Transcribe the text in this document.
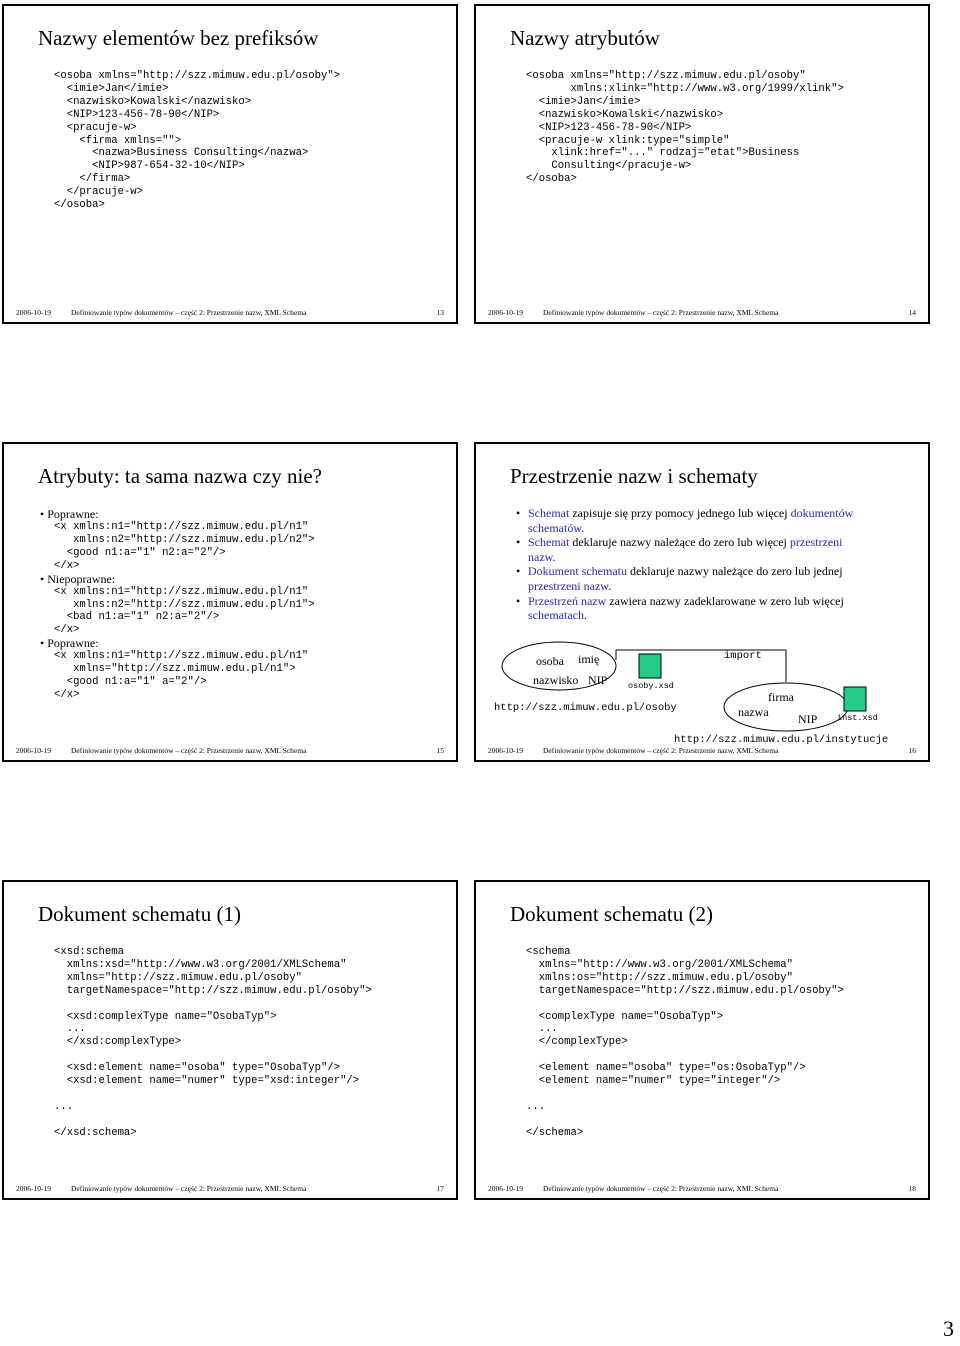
Nazwy elementów bez prefiksów
<osoba xmlns="http://szz.mimuw.edu.pl/osoby">
<imie>Jan</imie>
<nazwisko>Kowalski</nazwisko>
<NIP>123-456-78-90</NIP>
<pracuje-w>
<firma xmlns="">
<nazwa>Business Consulting</nazwa>
<NIP>987-654-32-10</NIP>
</firma>
</pracuje-w>
</osoba>
2006-10-19	Definiowanie typów dokumentów – część 2: Przestrzenie nazw, XML Schema	13
Nazwy atrybutów
<osoba xmlns="http://szz.mimuw.edu.pl/osoby"
xmlns:xlink="http://www.w3.org/1999/xlink">
<imie>Jan</imie>
<nazwisko>Kowalski</nazwisko>
<NIP>123-456-78-90</NIP>
<pracuje-w xlink:type="simple"
xlink:href="..." rodzaj="etat">Business
Consulting</pracuje-w>
</osoba>
2006-10-19	Definiowanie typów dokumentów – część 2: Przestrzenie nazw, XML Schema	14
Atrybuty: ta sama nazwa czy nie?
• Poprawne:
<x xmlns:n1="http://szz.mimuw.edu.pl/n1"
xmlns:n2="http://szz.mimuw.edu.pl/n2">
<good n1:a="1" n2:a="2"/>
</x>
• Niepoprawne:
<x xmlns:n1="http://szz.mimuw.edu.pl/n1"
xmlns:n2="http://szz.mimuw.edu.pl/n1">
<bad n1:a="1" n2:a="2"/>
</x>
• Poprawne:
<x xmlns:n1="http://szz.mimuw.edu.pl/n1"
xmlns="http://szz.mimuw.edu.pl/n1">
<good n1:a="1" a="2"/>
</x>
2006-10-19	Definiowanie typów dokumentów – część 2: Przestrzenie nazw, XML Schema	15
Przestrzenie nazw i schematy
• Schemat zapisuje się przy pomocy jednego lub więcej dokumentów
schematów.
• Schemat deklaruje nazwy należące do zero lub więcej przestrzeni
nazw.
• Dokument schematu deklaruje nazwy należące do zero lub jednej
przestrzeni nazw.
• Przestrzeń nazw zawiera nazwy zadeklarowane w zero lub więcej
schematach.
osoba imię
nazwisko NIP osoby.xsd
http://szz.mimuw.edu.pl/osoby
import
firma
nazwa NIP inst.xsd
http://szz.mimuw.edu.pl/instytucje
2006-10-19	Definiowanie typów dokumentów – część 2: Przestrzenie nazw, XML Schema	16
Dokument schematu (1)
<xsd:schema
xmlns:xsd="http://www.w3.org/2001/XMLSchema"
xmlns="http://szz.mimuw.edu.pl/osoby"
targetNamespace="http://szz.mimuw.edu.pl/osoby">

<xsd:complexType name="OsobaTyp">
...
</xsd:complexType>

<xsd:element name="osoba" type="OsobaTyp"/>
<xsd:element name="numer" type="xsd:integer"/>

...

</xsd:schema>
2006-10-19	Definiowanie typów dokumentów – część 2: Przestrzenie nazw, XML Schema	17
Dokument schematu (2)
<schema
xmlns="http://www.w3.org/2001/XMLSchema"
xmlns:os="http://szz.mimuw.edu.pl/osoby"
targetNamespace="http://szz.mimuw.edu.pl/osoby">

<complexType name="OsobaTyp">
...
</complexType>

<element name="osoba" type="os:OsobaTyp"/>
<element name="numer" type="integer"/>

...

</schema>
2006-10-19	Definiowanie typów dokumentów – część 2: Przestrzenie nazw, XML Schema	18
3
